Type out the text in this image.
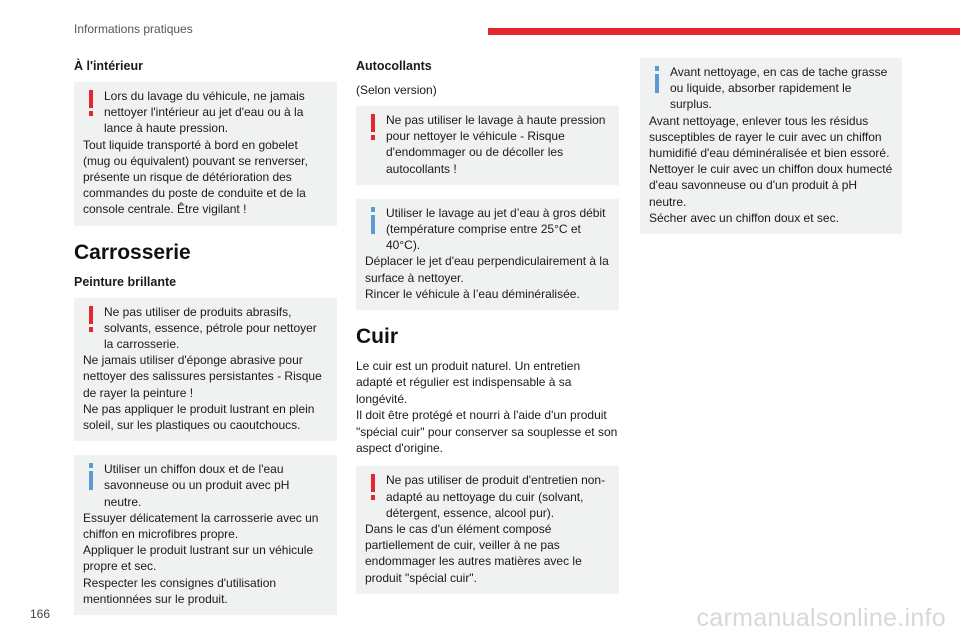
Informations pratiques
À l'intérieur

Lors du lavage du véhicule, ne jamais nettoyer l'intérieur au jet d'eau ou à la lance à haute pression.

Tout liquide transporté à bord en gobelet (mug ou équivalent) pouvant se renverser, présente un risque de détérioration des commandes du poste de conduite et de la console centrale. Être vigilant !

Carrosserie
Peinture brillante

Ne pas utiliser de produits abrasifs, solvants, essence, pétrole pour nettoyer la carrosserie.

Ne jamais utiliser d'éponge abrasive pour nettoyer des salissures persistantes - Risque de rayer la peinture !

Ne pas appliquer le produit lustrant en plein soleil, sur les plastiques ou caoutchoucs.

Utiliser un chiffon doux et de l'eau savonneuse ou un produit avec pH neutre.

Essuyer délicatement la carrosserie avec un chiffon en microfibres propre.

Appliquer le produit lustrant sur un véhicule propre et sec.

Respecter les consignes d'utilisation mentionnées sur le produit.

Autocollants
(Selon version)

Ne pas utiliser le lavage à haute pression pour nettoyer le véhicule - Risque d'endommager ou de décoller les autocollants !

Utiliser le lavage au jet d’eau à gros débit (température comprise entre 25°C et 40°C).

Déplacer le jet d'eau perpendiculairement à la surface à nettoyer.

Rincer le véhicule à l’eau déminéralisée.

Cuir

Le cuir est un produit naturel. Un entretien adapté et régulier est indispensable à sa longévité.

Il doit être protégé et nourri à l'aide d'un produit "spécial cuir" pour conserver sa souplesse et son aspect d'origine.

Ne pas utiliser de produit d'entretien non-adapté au nettoyage du cuir (solvant, détergent, essence, alcool pur).

Dans le cas d'un élément composé partiellement de cuir, veiller à ne pas endommager les autres matières avec le produit "spécial cuir".

Avant nettoyage, en cas de tache grasse ou liquide, absorber rapidement le surplus.

Avant nettoyage, enlever tous les résidus susceptibles de rayer le cuir avec un chiffon humidifié d'eau déminéralisée et bien essoré.

Nettoyer le cuir avec un chiffon doux humecté d'eau savonneuse ou d'un produit à pH neutre.

Sécher avec un chiffon doux et sec.

166	carmanualsonline.info
